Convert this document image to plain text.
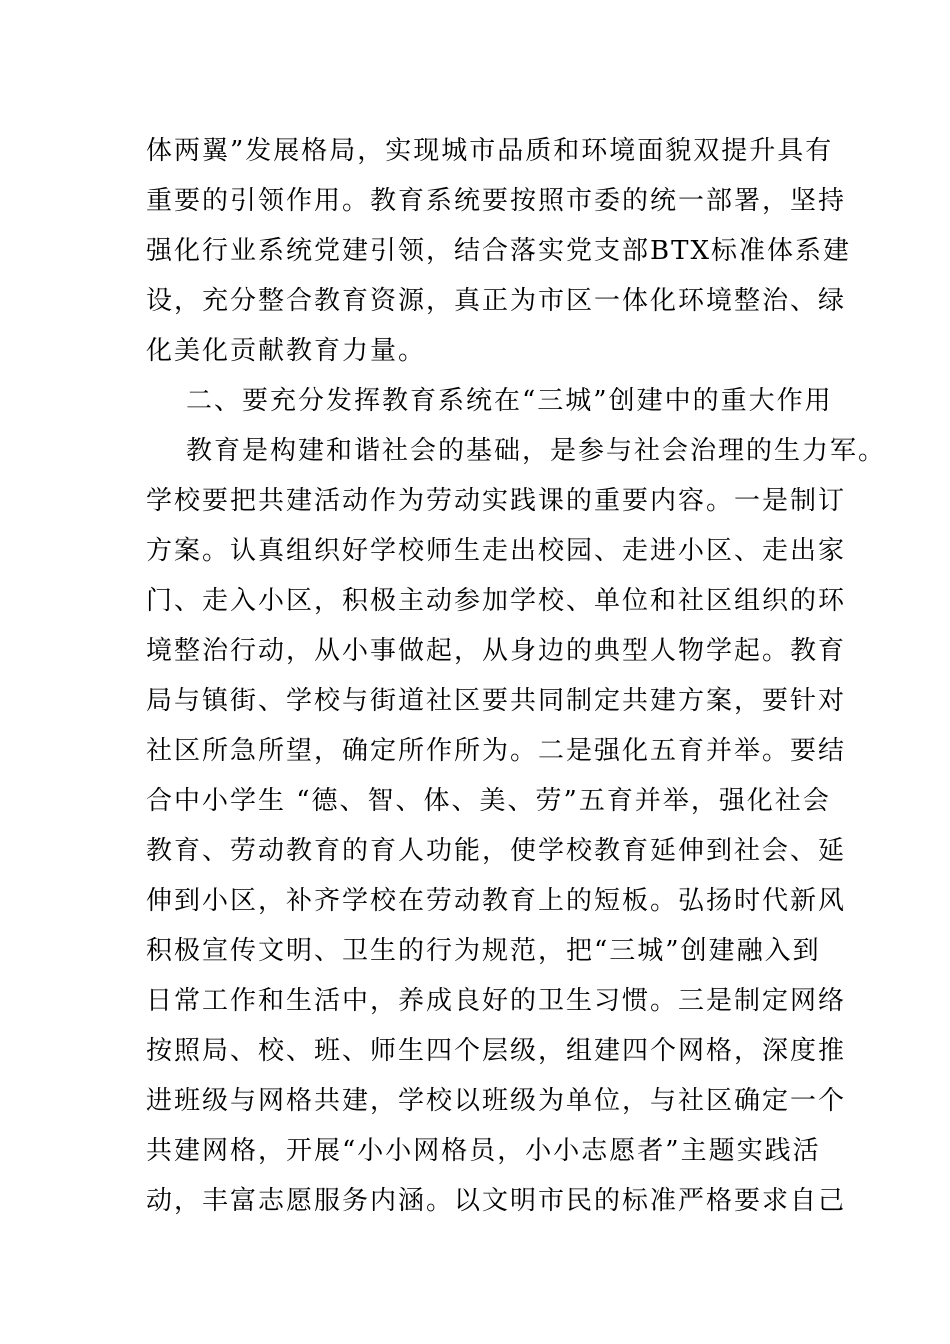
体两翼”发展格局，实现城市品质和环境面貌双提升具有
重要的引领作用。教育系统要按照市委的统一部署，坚持
强化行业系统党建引领，结合落实党支部BTX标准体系建
设，充分整合教育资源，真正为市区一体化环境整治、绿
化美化贡献教育力量。
二、要充分发挥教育系统在“三城”创建中的重大作用
教育是构建和谐社会的基础，是参与社会治理的生力军。
学校要把共建活动作为劳动实践课的重要内容。一是制订
方案。认真组织好学校师生走出校园、走进小区、走出家
门、走入小区，积极主动参加学校、单位和社区组织的环
境整治行动，从小事做起，从身边的典型人物学起。教育
局与镇街、学校与街道社区要共同制定共建方案，要针对
社区所急所望，确定所作所为。二是强化五育并举。要结
合中小学生 “德、智、体、美、劳”五育并举，强化社会
教育、劳动教育的育人功能，使学校教育延伸到社会、延
伸到小区，补齐学校在劳动教育上的短板。弘扬时代新风
积极宣传文明、卫生的行为规范，把“三城”创建融入到
日常工作和生活中，养成良好的卫生习惯。三是制定网络
按照局、校、班、师生四个层级，组建四个网格，深度推
进班级与网格共建，学校以班级为单位，与社区确定一个
共建网格，开展“小小网格员，小小志愿者”主题实践活
动，丰富志愿服务内涵。以文明市民的标准严格要求自己
